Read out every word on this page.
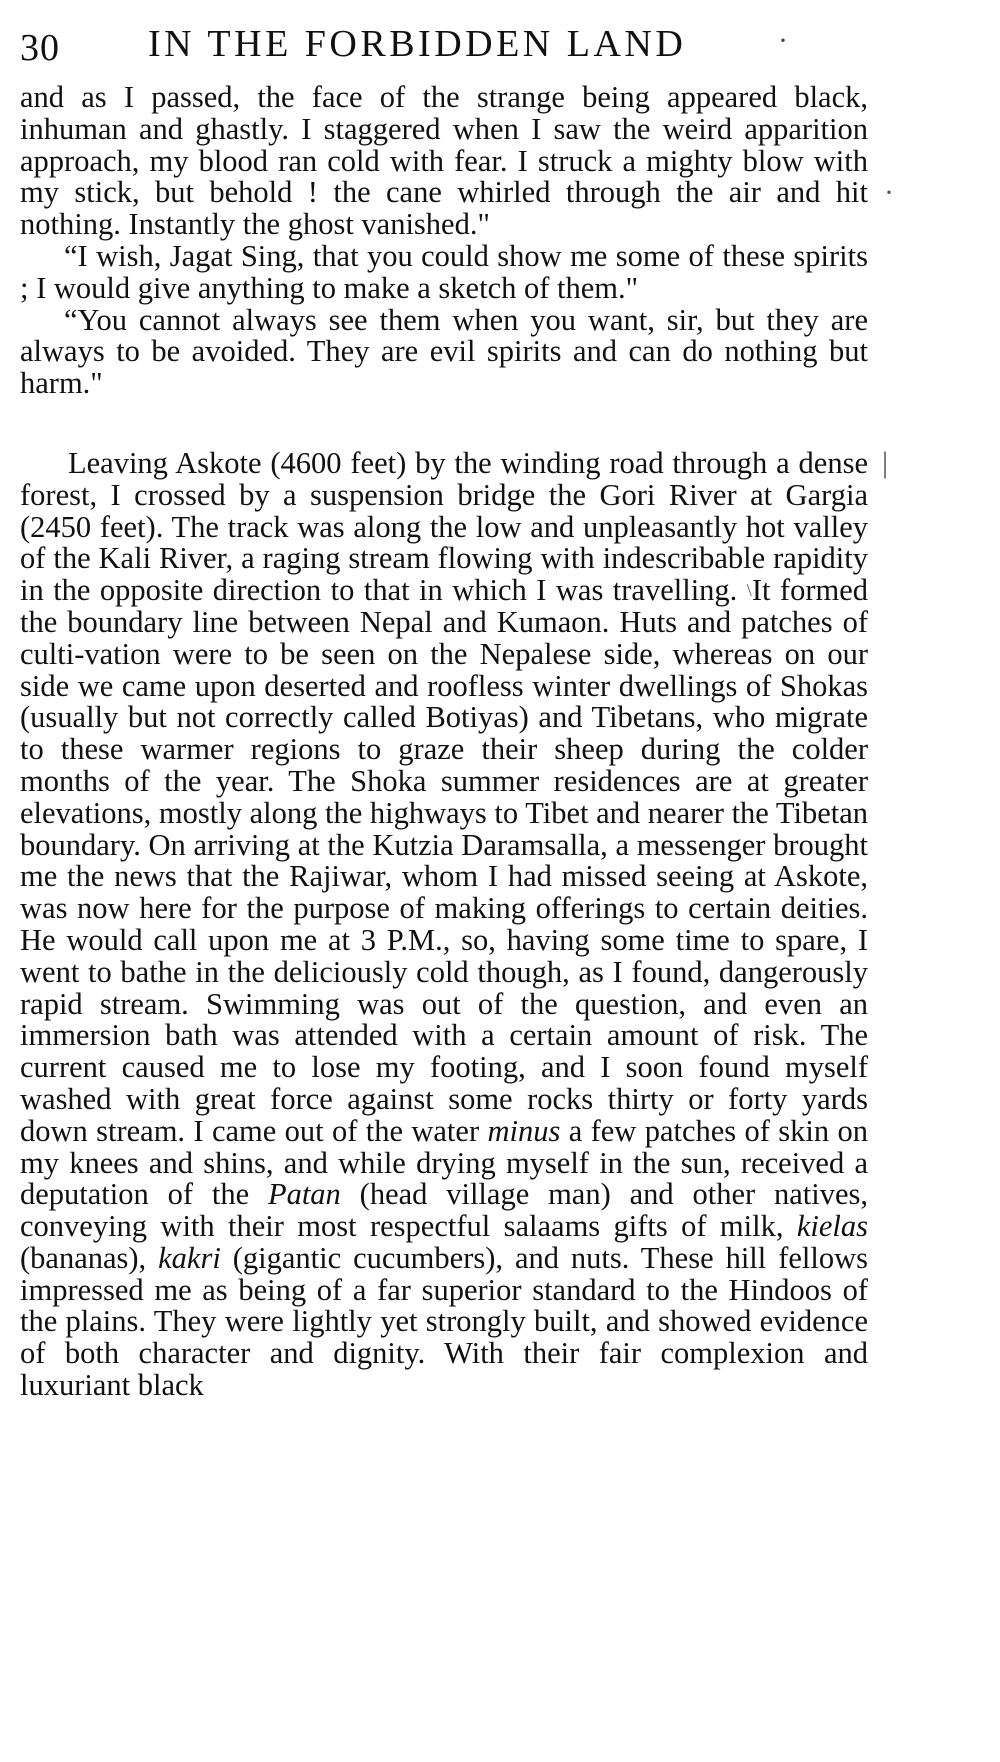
30 IN THE FORBIDDEN LAND	·
·
|

and as I passed, the face of the strange being appeared black, inhuman and ghastly. I staggered when I saw the weird apparition approach, my blood ran cold with fear. I struck a mighty blow with my stick, but behold ! the cane whirled through the air and hit nothing. Instantly the ghost vanished."

“I wish, Jagat Sing, that you could show me some of these spirits ; I would give anything to make a sketch of them."

“You cannot always see them when you want, sir, but they are always to be avoided. They are evil spirits and can do nothing but harm."

Leaving Askote (4600 feet) by the winding road through a dense forest, I crossed by a suspension bridge the Gori River at Gargia (2450 feet). The track was along the low and unpleasantly hot valley of the Kali River, a raging stream flowing with indescribable rapidity in the opposite direction to that in which I was travelling. \It formed the boundary line between Nepal and Kumaon. Huts and patches of culti-vation were to be seen on the Nepalese side, whereas on our side we came upon deserted and roofless winter dwellings of Shokas (usually but not correctly called Botiyas) and Tibetans, who migrate to these warmer regions to graze their sheep during the colder months of the year. The Shoka summer residences are at greater elevations, mostly along the highways to Tibet and nearer the Tibetan boundary. On arriving at the Kutzia Daramsalla, a messenger brought me the news that the Rajiwar, whom I had missed seeing at Askote, was now here for the purpose of making offerings to certain deities. He would call upon me at 3 P.M., so, having some time to spare, I went to bathe in the deliciously cold though, as I found, dangerously rapid stream. Swimming was out of the question, and even an immersion bath was attended with a certain amount of risk. The current caused me to lose my footing, and I soon found myself washed with great force against some rocks thirty or forty yards down stream. I came out of the water minus a few patches of skin on my knees and shins, and while drying myself in the sun, received a deputation of the Patan (head village man) and other natives, conveying with their most respectful salaams gifts of milk, kielas (bananas), kakri (gigantic cucumbers), and nuts. These hill fellows impressed me as being of a far superior standard to the Hindoos of the plains. They were lightly yet strongly built, and showed evidence of both character and dignity. With their fair complexion and luxuriant black
